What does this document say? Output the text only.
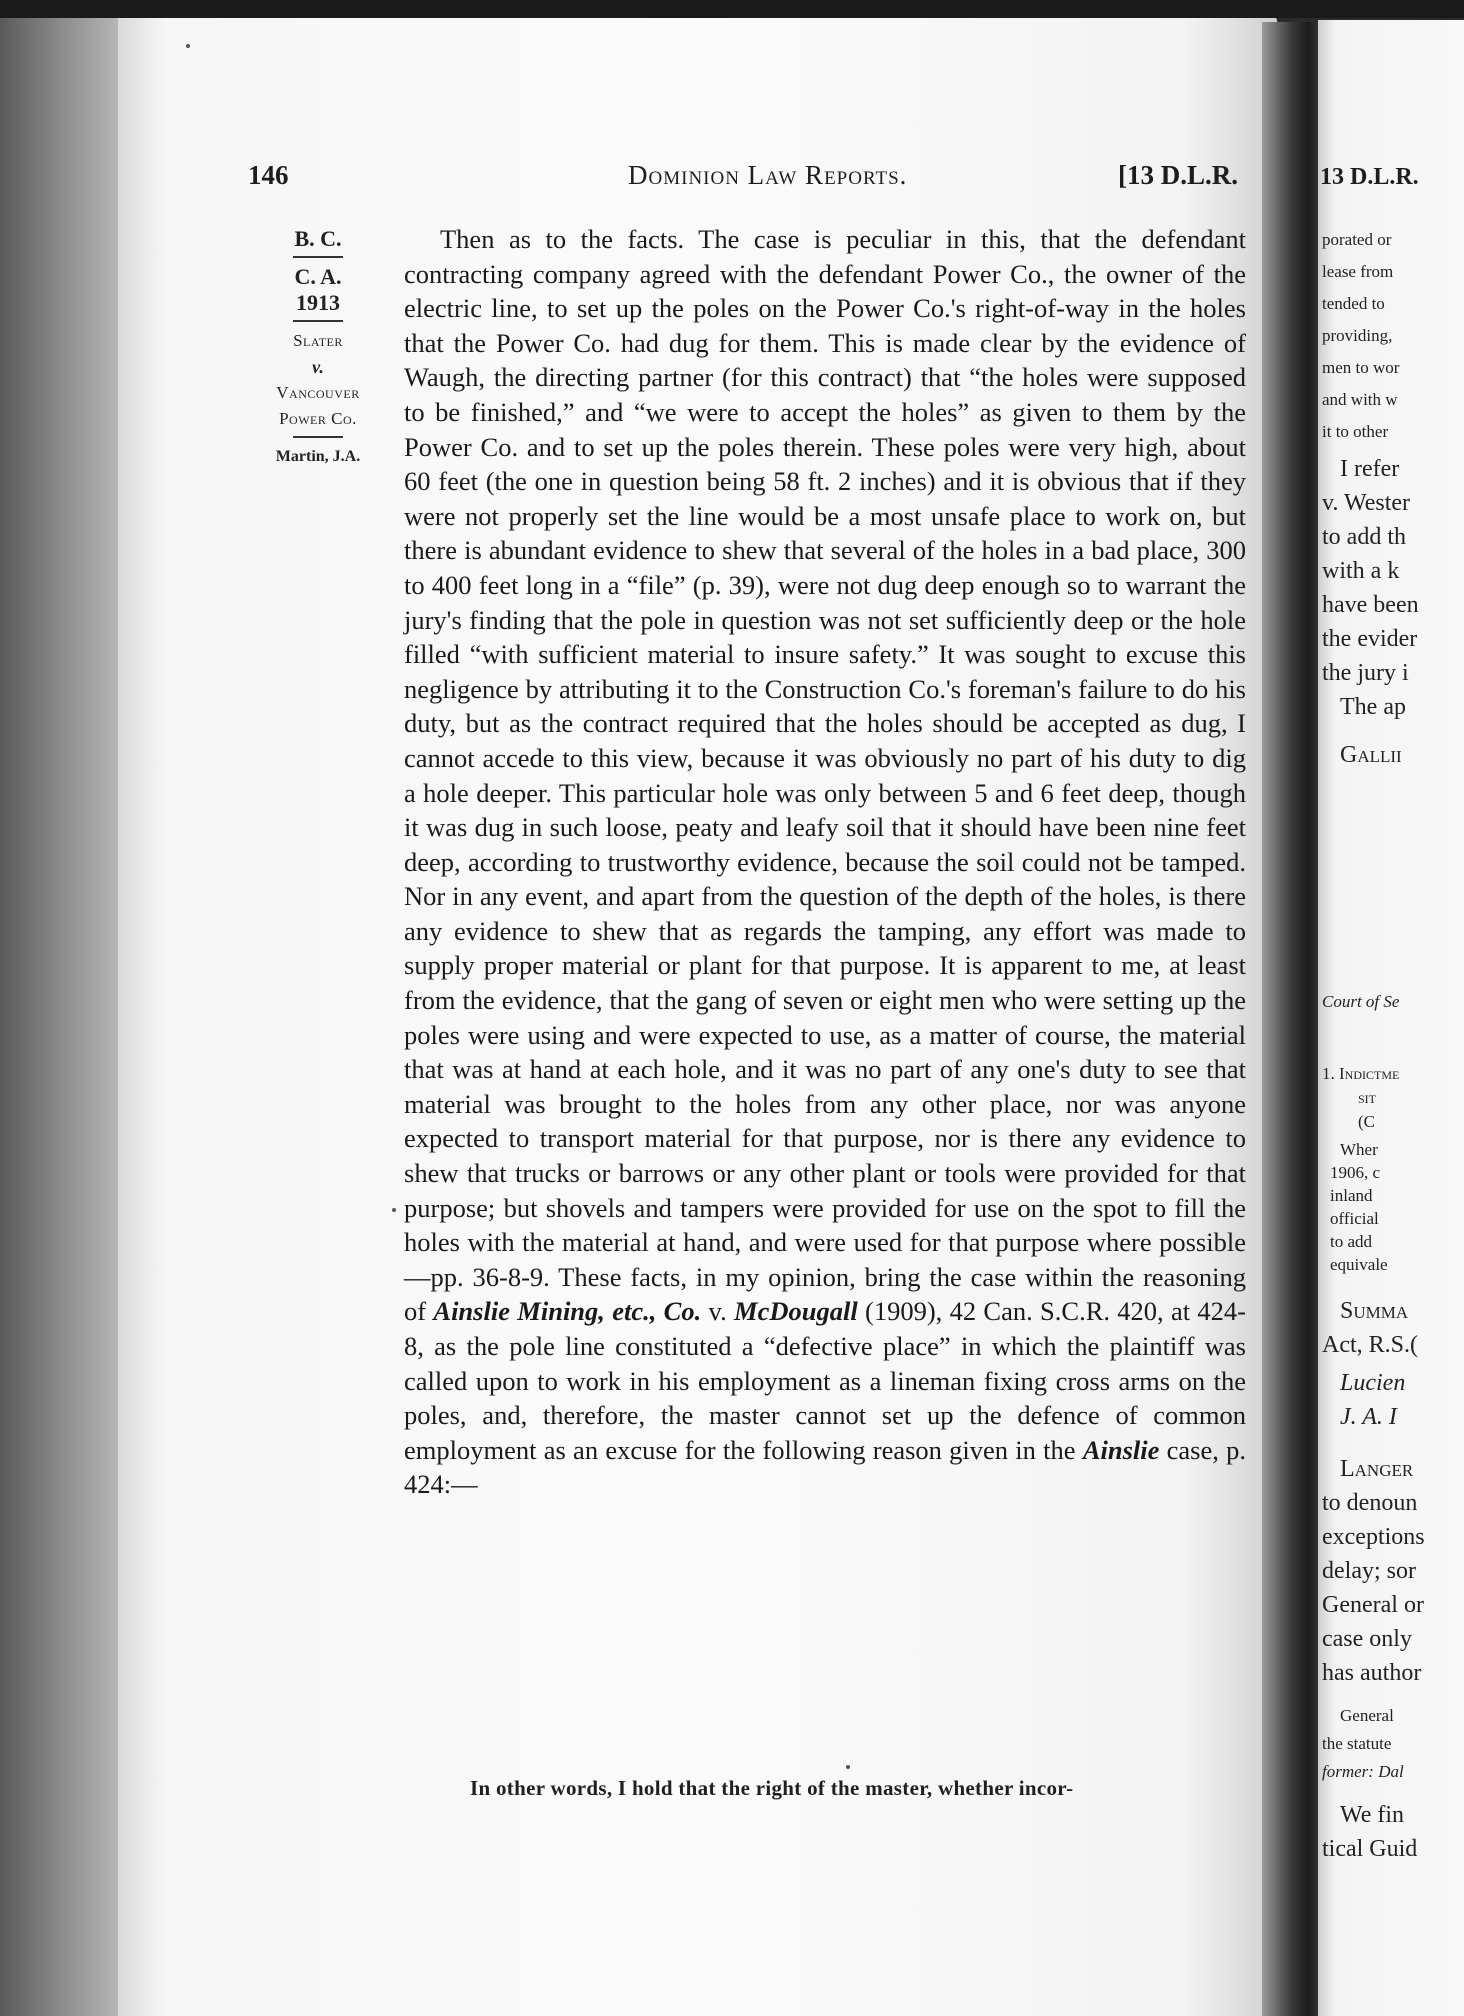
146	Dominion Law Reports.	[13 D.L.R.
B. C.
C. A.
1913
Slater
v.
Vancouver
Power Co.
Martin, J.A.

Then as to the facts. The case is peculiar in this, that the defendant contracting company agreed with the defendant Power Co., the owner of the electric line, to set up the poles on the Power Co.'s right-of-way in the holes that the Power Co. had dug for them. This is made clear by the evidence of Waugh, the directing partner (for this contract) that “the holes were supposed to be finished,” and “we were to accept the holes” as given to them by the Power Co. and to set up the poles therein. These poles were very high, about 60 feet (the one in question being 58 ft. 2 inches) and it is obvious that if they were not properly set the line would be a most unsafe place to work on, but there is abundant evidence to shew that several of the holes in a bad place, 300 to 400 feet long in a “file” (p. 39), were not dug deep enough so to warrant the jury's finding that the pole in question was not set sufficiently deep or the hole filled “with sufficient material to insure safety.” It was sought to excuse this negligence by attributing it to the Construction Co.'s foreman's failure to do his duty, but as the contract required that the holes should be accepted as dug, I cannot accede to this view, because it was obviously no part of his duty to dig a hole deeper. This particular hole was only between 5 and 6 feet deep, though it was dug in such loose, peaty and leafy soil that it should have been nine feet deep, according to trustworthy evidence, because the soil could not be tamped. Nor in any event, and apart from the question of the depth of the holes, is there any evidence to shew that as regards the tamping, any effort was made to supply proper material or plant for that purpose. It is apparent to me, at least from the evidence, that the gang of seven or eight men who were setting up the poles were using and were expected to use, as a matter of course, the material that was at hand at each hole, and it was no part of any one's duty to see that material was brought to the holes from any other place, nor was anyone expected to transport material for that purpose, nor is there any evidence to shew that trucks or barrows or any other plant or tools were provided for that purpose; but shovels and tampers were provided for use on the spot to fill the holes with the material at hand, and were used for that purpose where possible—pp. 36-8-9. These facts, in my opinion, bring the case within the reasoning of Ainslie Mining, etc., Co. v. McDougall (1909), 42 Can. S.C.R. 420, at 424-8, as the pole line constituted a “defective place” in which the plaintiff was called upon to work in his employment as a lineman fixing cross arms on the poles, and, therefore, the master cannot set up the defence of common employment as an excuse for the following reason given in the Ainslie case, p. 424:—

In other words, I hold that the right of the master, whether incor-
13 D.L.R.
porated or
lease from
tended to
providing,
men to wor
and with w
it to other
I refer
v. Wester
to add th
with a k
have been
the evider
the jury i
The ap
Gallii
Court of Se
1. Indictme
sit
(C
Wher
1906, c
inland
official
to add
equivale
Summa
Act, R.S.(
Lucien
J. A. I
Langer
to denoun
exceptions
delay; sor
General or
case only
has author
General
the statute
former: Dal
We fin
tical Guid
